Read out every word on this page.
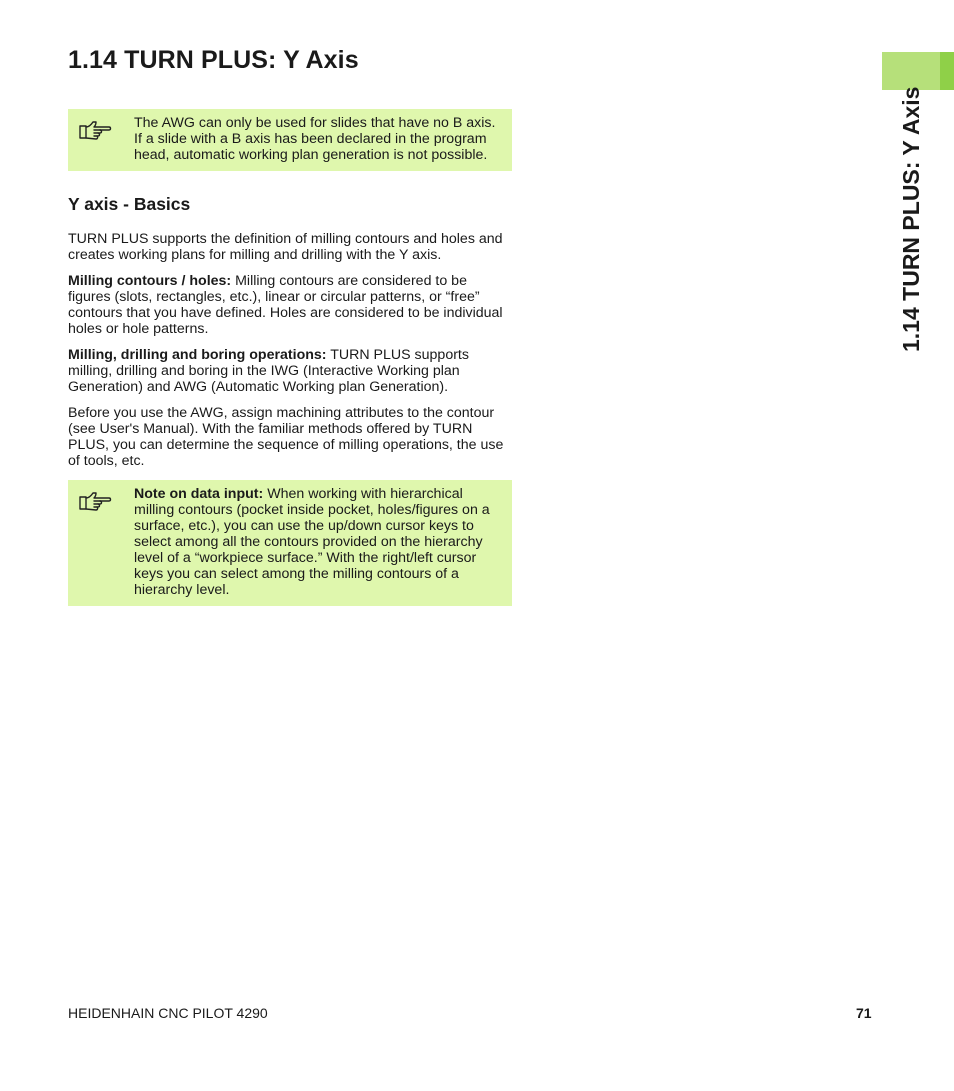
1.14 TURN PLUS: Y Axis
1.14 TURN PLUS: Y Axis

The AWG can only be used for slides that have no B axis. If a slide with a B axis has been declared in the program head, automatic working plan generation is not possible.

Y axis - Basics

TURN PLUS supports the definition of milling contours and holes and creates working plans for milling and drilling with the Y axis.

Milling contours / holes: Milling contours are considered to be figures (slots, rectangles, etc.), linear or circular patterns, or “free” contours that you have defined. Holes are considered to be individual holes or hole patterns.

Milling, drilling and boring operations: TURN PLUS supports milling, drilling and boring in the IWG (Interactive Working plan Generation) and AWG (Automatic Working plan Generation).

Before you use the AWG, assign machining attributes to the contour (see User's Manual). With the familiar methods offered by TURN PLUS, you can determine the sequence of milling operations, the use of tools, etc.

Note on data input: When working with hierarchical milling contours (pocket inside pocket, holes/figures on a surface, etc.), you can use the up/down cursor keys to select among all the contours provided on the hierarchy level of a “workpiece surface.” With the right/left cursor keys you can select among the milling contours of a hierarchy level.

HEIDENHAIN CNC PILOT 4290	71
